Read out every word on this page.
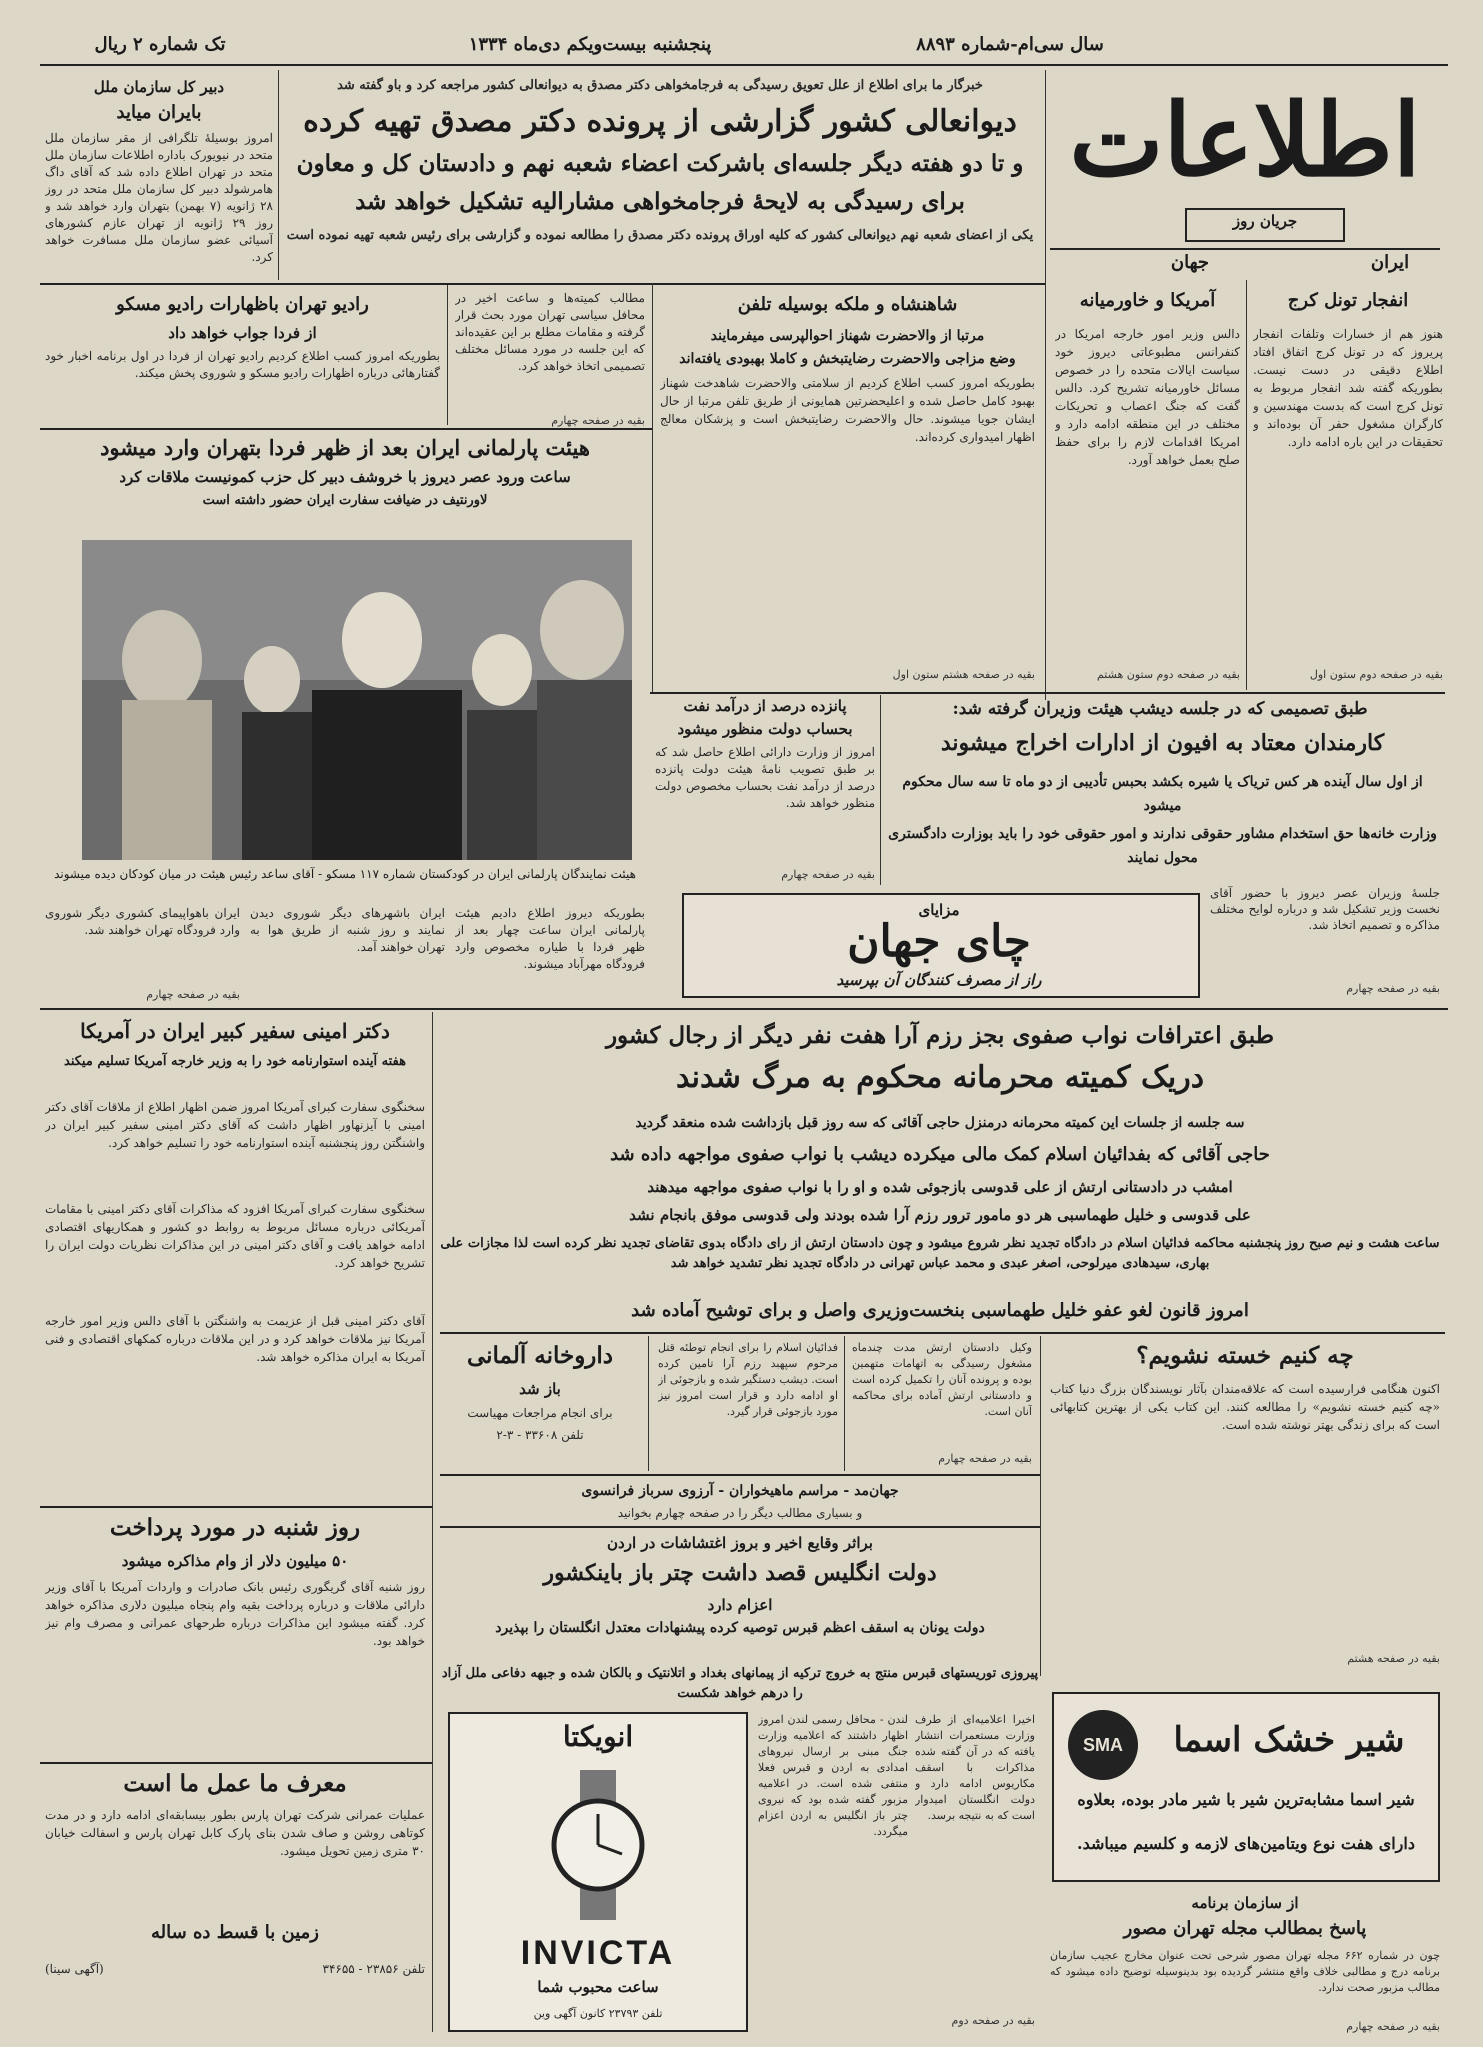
سال سی‌ام-شماره ۸۸۹۳
پنجشنبه بیست‌ویکم دی‌ماه ۱۳۳۴
تک شماره ۲ ریال
اطلاعات
جریان روز
ایران
جهان
انفجار تونل کرج
هنوز هم از خسارات وتلفات انفجار پریروز که در تونل کرج اتفاق افتاد اطلاع دقیقی در دست نیست. بطوریکه گفته شد انفجار مربوط به تونل کرج است که بدست مهندسین و کارگران مشغول حفر آن بوده‌اند و تحقیقات در این باره ادامه دارد.
بقیه در صفحه دوم ستون اول
آمریکا و خاورمیانه
دالس وزیر امور خارجه امریکا در کنفرانس مطبوعاتی دیروز خود سیاست ایالات متحده را در خصوص مسائل خاورمیانه تشریح کرد. دالس گفت که جنگ اعصاب و تحریکات مختلف در این منطقه ادامه دارد و امریکا اقدامات لازم را برای حفظ صلح بعمل خواهد آورد.
بقیه در صفحه دوم ستون هشتم
خبرگار ما برای اطلاع از علل تعویق رسیدگی به فرجامخواهی دکتر مصدق به دیوانعالی کشور مراجعه کرد و باو گفته شد
دیوانعالی کشور گزارشی از پرونده دکتر مصدق تهیه کرده
و تا دو هفته دیگر جلسه‌ای باشرکت اعضاء شعبه نهم و دادستان کل و معاون
برای رسیدگی به لایحهٔ فرجامخواهی مشارالیه تشکیل خواهد شد
یکی از اعضای شعبه نهم دیوانعالی کشور که کلیه اوراق پرونده دکتر مصدق را مطالعه نموده و گزارشی برای رئیس شعبه تهیه نموده است
دبیر کل سازمان ملل
بایران میاید
امروز بوسیلهٔ تلگرافی از مقر سازمان ملل متحد در نیویورک باداره اطلاعات سازمان ملل متحد در تهران اطلاع داده شد که آقای داگ هامرشولد دبیر کل سازمان ملل متحد در روز ۲۸ ژانویه (۷ بهمن) بتهران وارد خواهد شد و روز ۲۹ ژانویه از تهران عازم کشورهای آسیائی عضو سازمان ملل مسافرت خواهد کرد.
شاهنشاه و ملکه بوسیله تلفن
مرتبا از والاحضرت شهناز احوالپرسی میفرمایند
وضع مزاجی والاحضرت رضایتبخش و کاملا بهبودی یافته‌اند
بطوریکه امروز کسب اطلاع کردیم از سلامتی والاحضرت شاهدخت شهناز بهبود کامل حاصل شده و اعلیحضرتین همایونی از طریق تلفن مرتبا از حال ایشان جویا میشوند. حال والاحضرت رضایتبخش است و پزشکان معالج اظهار امیدواری کرده‌اند.
بقیه در صفحه هشتم ستون اول
مطالب کمیته‌ها و ساعت اخیر در محافل سیاسی تهران مورد بحث قرار گرفته و مقامات مطلع بر این عقیده‌اند که این جلسه در مورد مسائل مختلف تصمیمی اتخاذ خواهد کرد.
بقیه در صفحه چهارم
رادیو تهران باظهارات رادیو مسکو
از فردا جواب خواهد داد
بطوریکه امروز کسب اطلاع کردیم رادیو تهران از فردا در اول برنامه اخبار خود گفتارهائی درباره اظهارات رادیو مسکو و شوروی پخش میکند.
هیئت پارلمانی ایران بعد از ظهر فردا بتهران وارد میشود
ساعت ورود عصر دیروز با خروشف دبیر کل حزب کمونیست ملاقات کرد
لاورنتیف در ضیافت سفارت ایران حضور داشته است
هیئت نمایندگان پارلمانی ایران در کودکستان شماره ۱۱۷ مسکو - آقای ساعد رئیس هیئت در میان کودکان دیده میشوند
بطوریکه دیروز اطلاع دادیم هیئت پارلمانی ایران ساعت چهار بعد از ظهر فردا با طیاره مخصوص وارد فرودگاه مهرآباد میشوند.
ایران باشهرهای دیگر شوروی دیدن نمایند و روز شنبه از طریق هوا به تهران خواهند آمد.
ایران باهواپیمای کشوری دیگر شوروی وارد فرودگاه تهران خواهند شد.
بقیه در صفحه چهارم
پانزده درصد از درآمد نفت
بحساب دولت منظور میشود
امروز از وزارت دارائی اطلاع حاصل شد که بر طبق تصویب نامهٔ هیئت دولت پانزده درصد از درآمد نفت بحساب مخصوص دولت منظور خواهد شد.
بقیه در صفحه چهارم
طبق تصمیمی که در جلسه دیشب هیئت وزیران گرفته شد:
کارمندان معتاد به افیون از ادارات اخراج میشوند
از اول سال آینده هر کس تریاک یا شیره بکشد بحبس تأدیبی از دو ماه تا سه سال محکوم میشود
وزارت خانه‌ها حق استخدام مشاور حقوقی ندارند و امور حقوقی خود را باید بوزارت دادگستری محول نمایند
مزایای
چای جهان
راز از مصرف کنندگان آن بپرسید
جلسهٔ وزیران عصر دیروز با حضور آقای نخست وزیر تشکیل شد و درباره لوایح مختلف مذاکره و تصمیم اتخاذ شد.
بقیه در صفحه چهارم
طبق اعترافات نواب صفوی بجز رزم آرا هفت نفر دیگر از رجال کشور
دریک کمیته محرمانه محکوم به مرگ شدند
سه جلسه از جلسات این کمیته محرمانه درمنزل حاجی آقائی که سه روز قبل بازداشت شده منعقد گردید
حاجی آقائی که بفدائیان اسلام کمک مالی میکرده دیشب با نواب صفوی مواجهه داده شد
امشب در دادستانی ارتش از علی قدوسی بازجوئی شده و او را با نواب صفوی مواجهه میدهند
علی قدوسی و خلیل طهماسبی هر دو مامور ترور رزم آرا شده بودند ولی قدوسی موفق بانجام نشد
ساعت هشت و نیم صبح روز پنجشنبه محاکمه فدائیان اسلام در دادگاه تجدید نظر شروع میشود و چون دادستان ارتش از رای دادگاه بدوی تقاضای تجدید نظر کرده است لذا مجازات علی بهاری، سیدهادی میرلوحی، اصغر عبدی و محمد عباس تهرانی در دادگاه تجدید نظر تشدید خواهد شد
امروز قانون لغو عفو خلیل طهماسبی بنخست‌وزیری واصل و برای توشیح آماده شد
دکتر امینی سفیر کبیر ایران در آمریکا
هفته آینده استوارنامه خود را به وزیر خارجه آمریکا تسلیم میکند
سخنگوی سفارت کبرای آمریکا امروز ضمن اظهار اطلاع از ملاقات آقای دکتر امینی با آیزنهاور اظهار داشت که آقای دکتر امینی سفیر کبیر ایران در واشنگتن روز پنجشنبه آینده استوارنامه خود را تسلیم خواهد کرد.
سخنگوی سفارت کبرای آمریکا افزود که مذاکرات آقای دکتر امینی با مقامات آمریکائی درباره مسائل مربوط به روابط دو کشور و همکاریهای اقتصادی ادامه خواهد یافت و آقای دکتر امینی در این مذاکرات نظریات دولت ایران را تشریح خواهد کرد.
آقای دکتر امینی قبل از عزیمت به واشنگتن با آقای دالس وزیر امور خارجه آمریکا نیز ملاقات خواهد کرد و در این ملاقات درباره کمکهای اقتصادی و فنی آمریکا به ایران مذاکره خواهد شد.
روز شنبه در مورد پرداخت
۵۰ میلیون دلار از وام مذاکره میشود
روز شنبه آقای گریگوری رئیس بانک صادرات و واردات آمریکا با آقای وزیر دارائی ملاقات و درباره پرداخت بقیه وام پنجاه میلیون دلاری مذاکره خواهد کرد. گفته میشود این مذاکرات درباره طرحهای عمرانی و مصرف وام نیز خواهد بود.
معرف ما عمل ما است
عملیات عمرانی شرکت تهران پارس بطور بیسابقه‌ای ادامه دارد و در مدت کوتاهی روشن و صاف شدن بنای پارک کابل تهران پارس و اسفالت خیابان ۳۰ متری زمین تحویل میشود.
زمین با قسط ده ساله
تلفن ۲۳۸۵۶ - ۳۴۶۵۵
(آگهی سینا)
داروخانه آلمانی
باز شد
برای انجام مراجعات مهیاست
تلفن ۳۳۶۰۸ - ۳-۲
فدائیان اسلام را برای انجام توطئه قتل مرحوم سپهبد رزم آرا تامین کرده است. دیشب دستگیر شده و بازجوئی از او ادامه دارد و قرار است امروز نیز مورد بازجوئی قرار گیرد.
وکیل دادستان ارتش مدت چندماه مشغول رسیدگی به اتهامات متهمین بوده و پرونده آنان را تکمیل کرده است و دادستانی ارتش آماده برای محاکمه آنان است.
بقیه در صفحه چهارم
چه کنیم خسته نشویم؟
اکنون هنگامی فرارسیده است که علاقه‌مندان بآثار نویسندگان بزرگ دنیا کتاب «چه کنیم خسته نشویم» را مطالعه کنند. این کتاب یکی از بهترین کتابهائی است که برای زندگی بهتر نوشته شده است.
بقیه در صفحه هشتم
جهان‌مد - مراسم ماهیخواران - آرزوی سرباز فرانسوی
و بسیاری مطالب دیگر را در صفحه چهارم بخوانید
براثر وقایع اخیر و بروز اغتشاشات در اردن
دولت انگلیس قصد داشت چتر باز باینکشور
اعزام دارد
دولت یونان به اسقف اعظم قبرس توصیه کرده پیشنهادات معتدل انگلستان را بپذیرد
پیروزی توریستهای قبرس منتج به خروج ترکیه از پیمانهای بغداد و اتلانتیک و بالکان شده و جبهه دفاعی ملل آزاد را درهم خواهد شکست
انویکتا
INVICTA
ساعت محبوب شما
تلفن ۲۳۷۹۳ کانون آگهی وین
لندن - محافل رسمی لندن امروز اظهار داشتند که اعلامیه وزارت جنگ مبنی بر ارسال نیروهای امدادی به اردن و قبرس فعلا منتفی شده است. در اعلامیه مزبور گفته شده بود که نیروی چتر باز انگلیس به اردن اعزام میگردد.
اخیرا اعلامیه‌ای از طرف وزارت مستعمرات انتشار یافته که در آن گفته شده مذاکرات با اسقف مکاریوس ادامه دارد و دولت انگلستان امیدوار است که به نتیجه برسد.
بقیه در صفحه دوم
SMA	شیر خشک اسما
شیر اسما مشابه‌ترین شیر با شیر مادر بوده، بعلاوه
دارای هفت نوع ویتامین‌های لازمه و کلسیم میباشد.
از سازمان برنامه
پاسخ بمطالب مجله تهران مصور
چون در شماره ۶۶۲ مجله تهران مصور شرحی تحت عنوان مخارج عجیب سازمان برنامه درج و مطالبی خلاف واقع منتشر گردیده بود بدینوسیله توضیح داده میشود که مطالب مزبور صحت ندارد.
بقیه در صفحه چهارم
